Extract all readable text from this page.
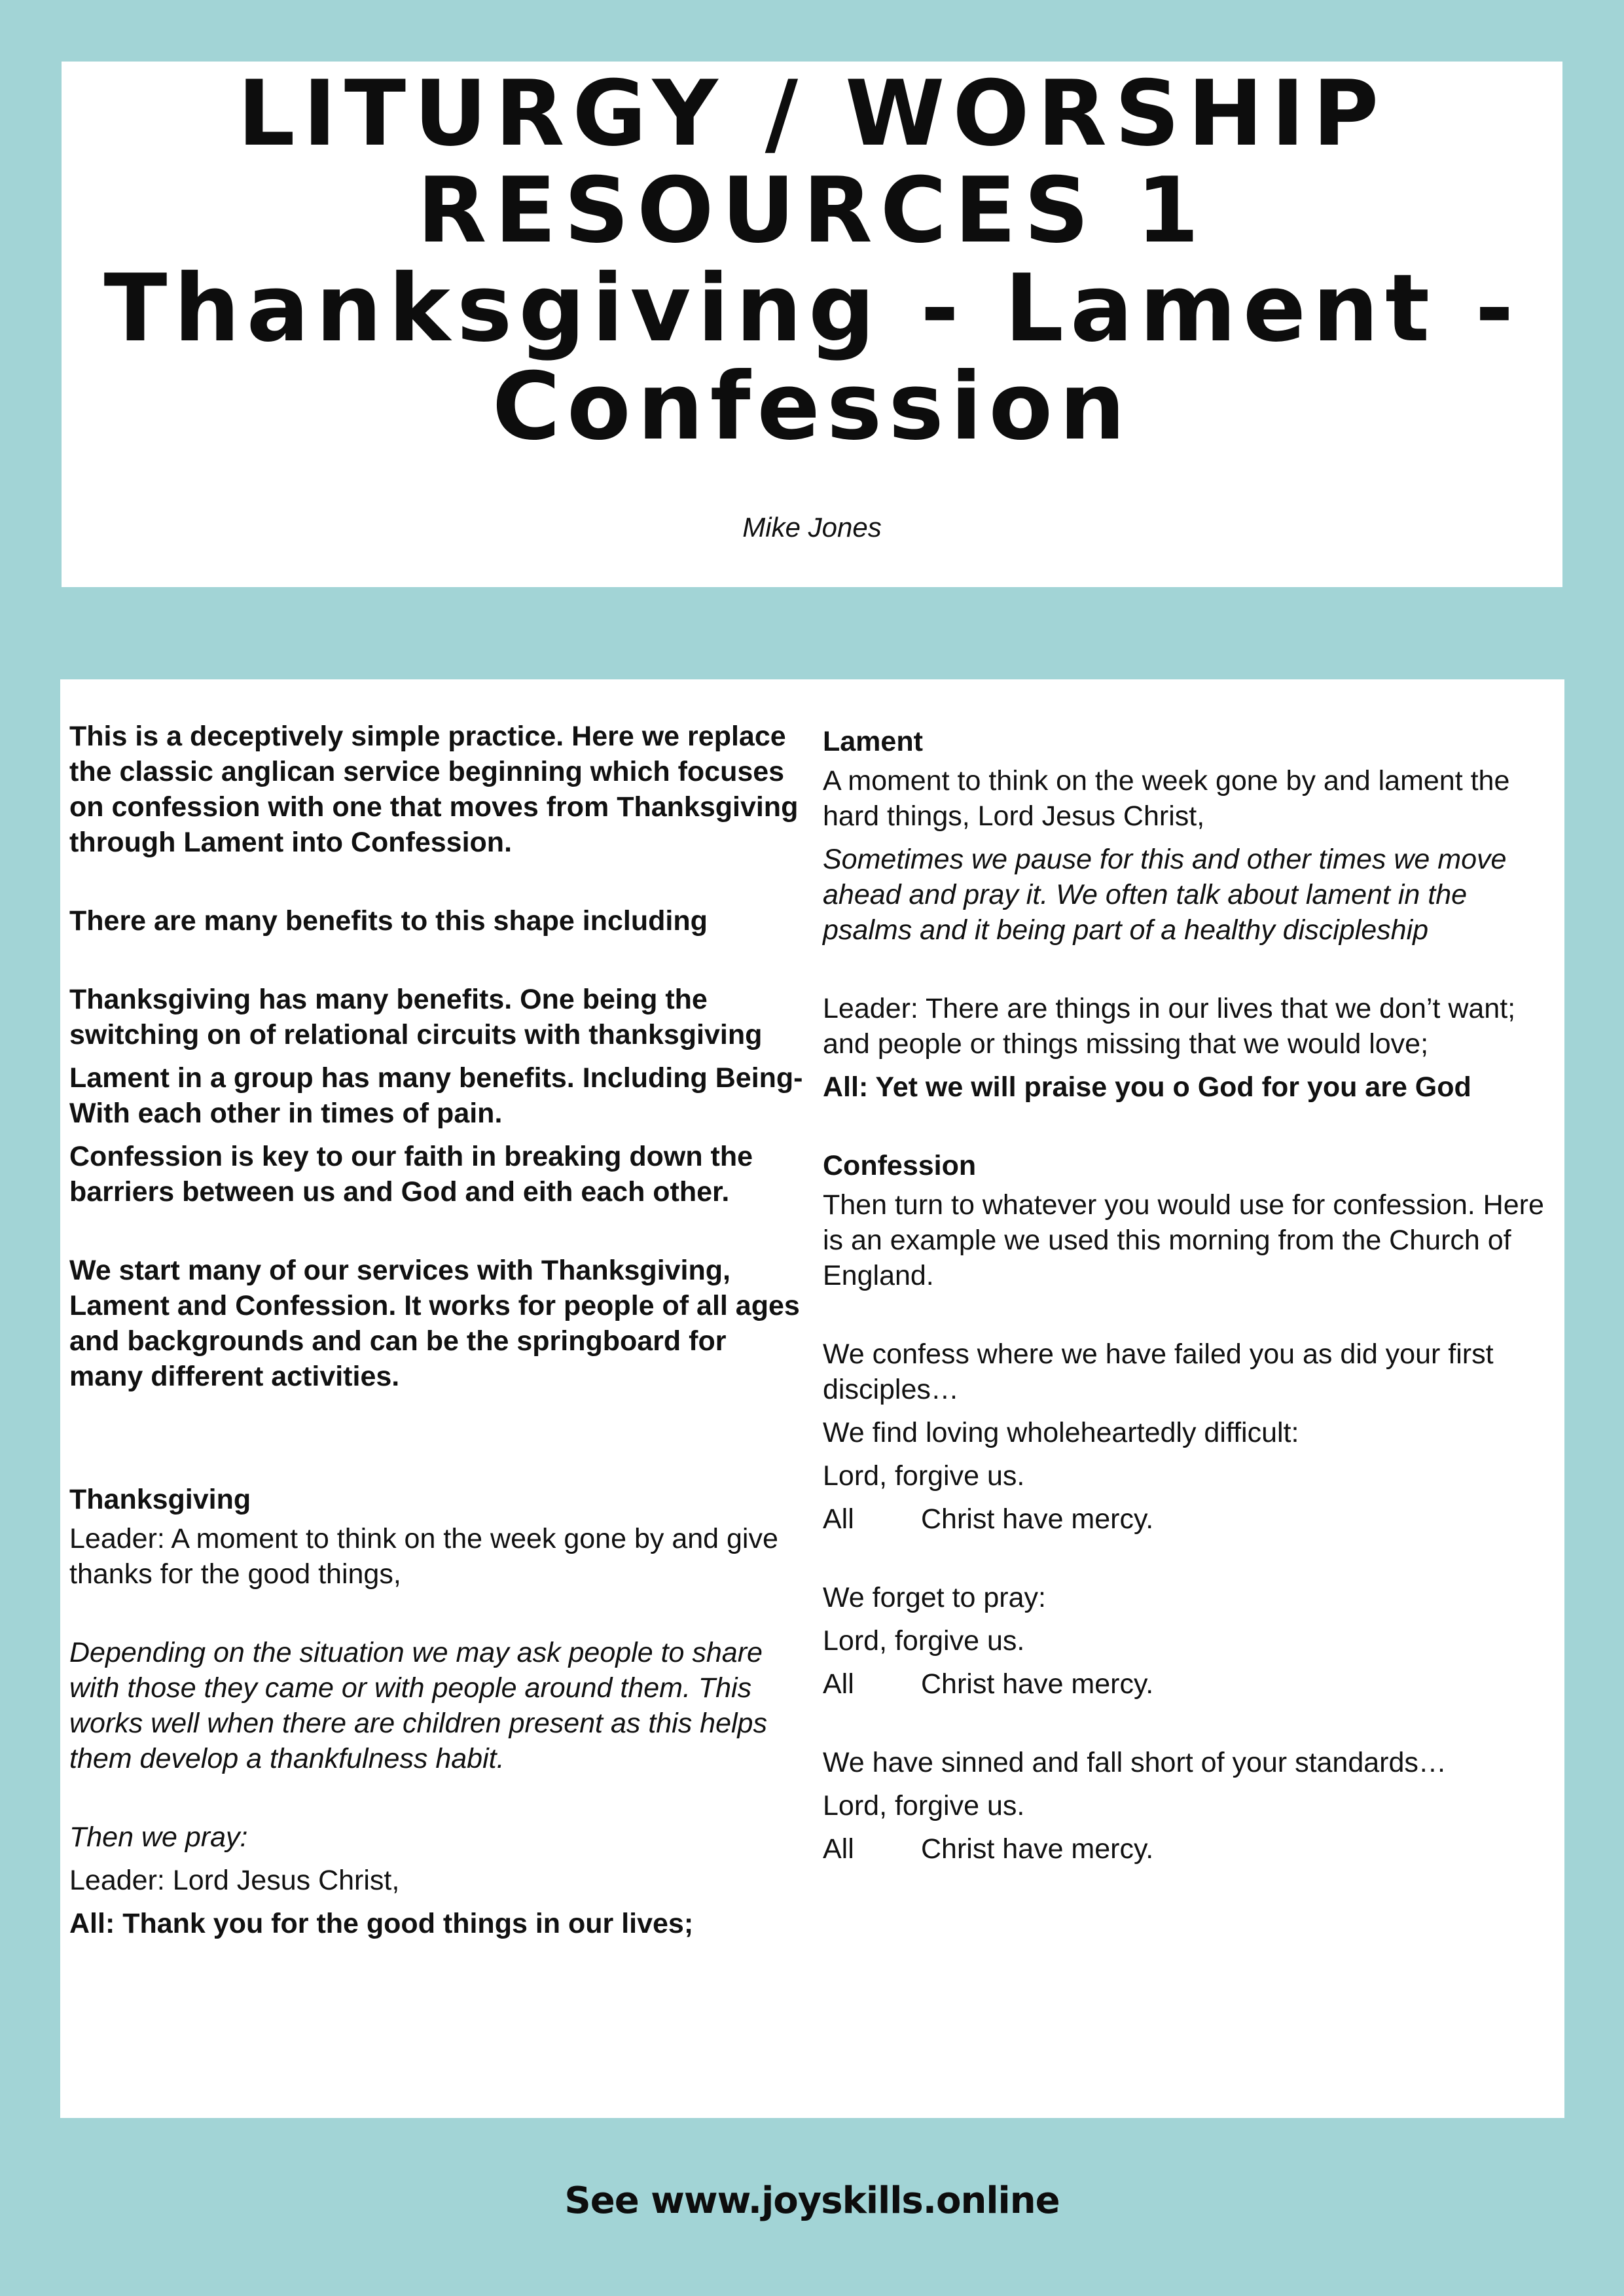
LITURGY / WORSHIP

RESOURCES 1

Thanksgiving - Lament -

Confession

Mike Jones

This is a deceptively simple practice. Here we replace the classic anglican service beginning which focuses on confession with one that moves from Thanksgiving through Lament into Confession.

There are many benefits to this shape including

Thanksgiving has many benefits. One being the switching on of relational circuits with thanksgiving

Lament in a group has many benefits. Including Being-With each other in times of pain.

Confession is key to our faith in breaking down the barriers between us and God and eith each other.

We start many of our services with Thanksgiving, Lament and Confession. It works for people of all ages and backgrounds and can be the springboard for many different activities.

Thanksgiving

Leader: A moment to think on the week gone by and give thanks for the good things,

Depending on the situation we may ask people to share with those they came or with people around them. This works well when there are children present as this helps them develop a thankfulness habit.

Then we pray:

Leader: Lord Jesus Christ,

All: Thank you for the good things in our lives;

Lament

A moment to think on the week gone by and lament the hard things, Lord Jesus Christ,

Sometimes we pause for this and other times we move ahead and pray it. We often talk about lament in the psalms and it being part of a healthy discipleship

Leader: There are things in our lives that we don’t want; and people or things missing that we would love;

All: Yet we will praise you o God for you are God

Confession

Then turn to whatever you would use for confession. Here is an example we used this morning from the Church of England.

We confess where we have failed you as did your first disciples…

We find loving wholeheartedly difficult:

Lord, forgive us.

All	Christ have mercy.

We forget to pray:

Lord, forgive us.

All	Christ have mercy.

We have sinned and fall short of your standards…

Lord, forgive us.

All	Christ have mercy.
See www.joyskills.online
